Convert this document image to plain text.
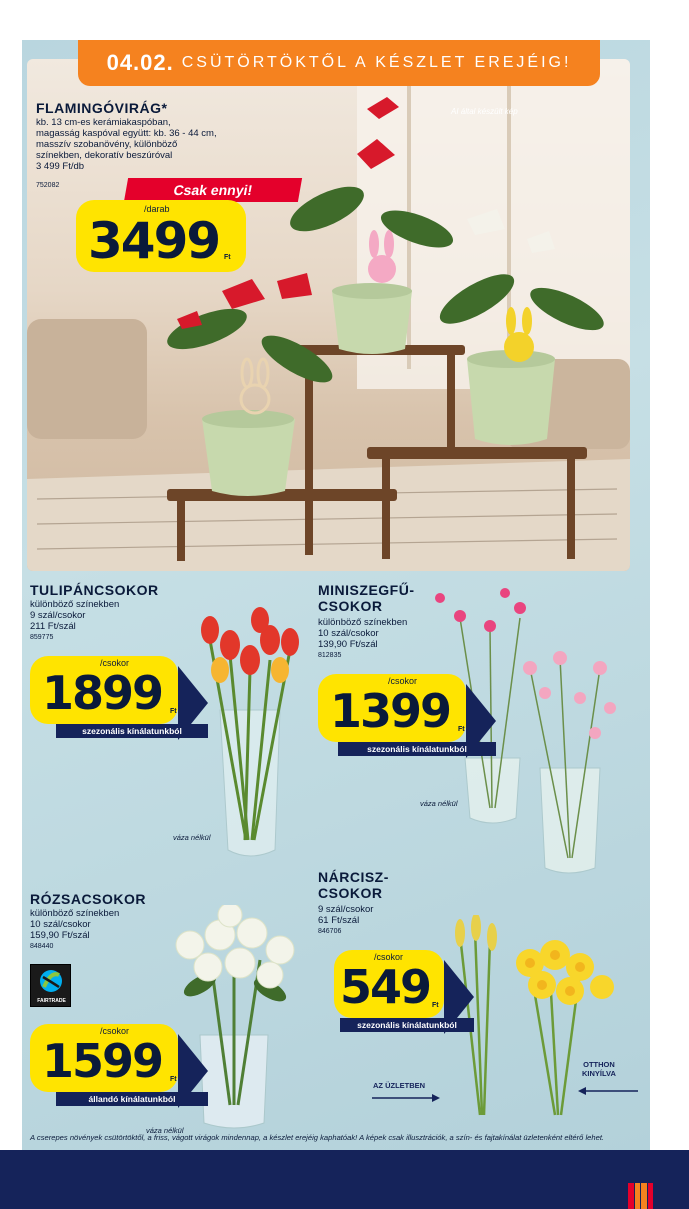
AI által készült kép
04.02. CSÜTÖRTÖKTŐL A KÉSZLET EREJÉIG!
FLAMINGÓVIRÁG*
kb. 13 cm-es kerámiakaspóban,
magasság kaspóval együtt: kb. 36 - 44 cm,
masszív szobanövény, különböző
színekben, dekoratív beszúróval
3 499 Ft/db
752082	Csak ennyi!
/darab
3499 Ft
TULIPÁNCSOKOR
különböző színekben
9 szál/csokor
211 Ft/szál
859775
/csokor
1899 Ft
szezonális kínálatunkból
váza nélkül
MINISZEGFŰ-
CSOKOR
különböző színekben
10 szál/csokor
139,90 Ft/szál
812835
/csokor
1399 Ft
szezonális kínálatunkból
váza nélkül
RÓZSACSOKOR
különböző színekben
10 szál/csokor
159,90 Ft/szál
848440
FAIRTRADE
/csokor
1599 Ft
állandó kínálatunkból
váza nélkül
NÁRCISZ-
CSOKOR
9 szál/csokor
61 Ft/szál
846706
/csokor
549 Ft
szezonális kínálatunkból
AZ ÜZLETBEN
OTTHON
KINYÍLVA
A cserepes növények csütörtöktől, a friss, vágott virágok mindennap, a készlet erejéig kaphatóak! A képek csak illusztrációk, a szín- és fajtakínálat üzletenként eltérő lehet.
